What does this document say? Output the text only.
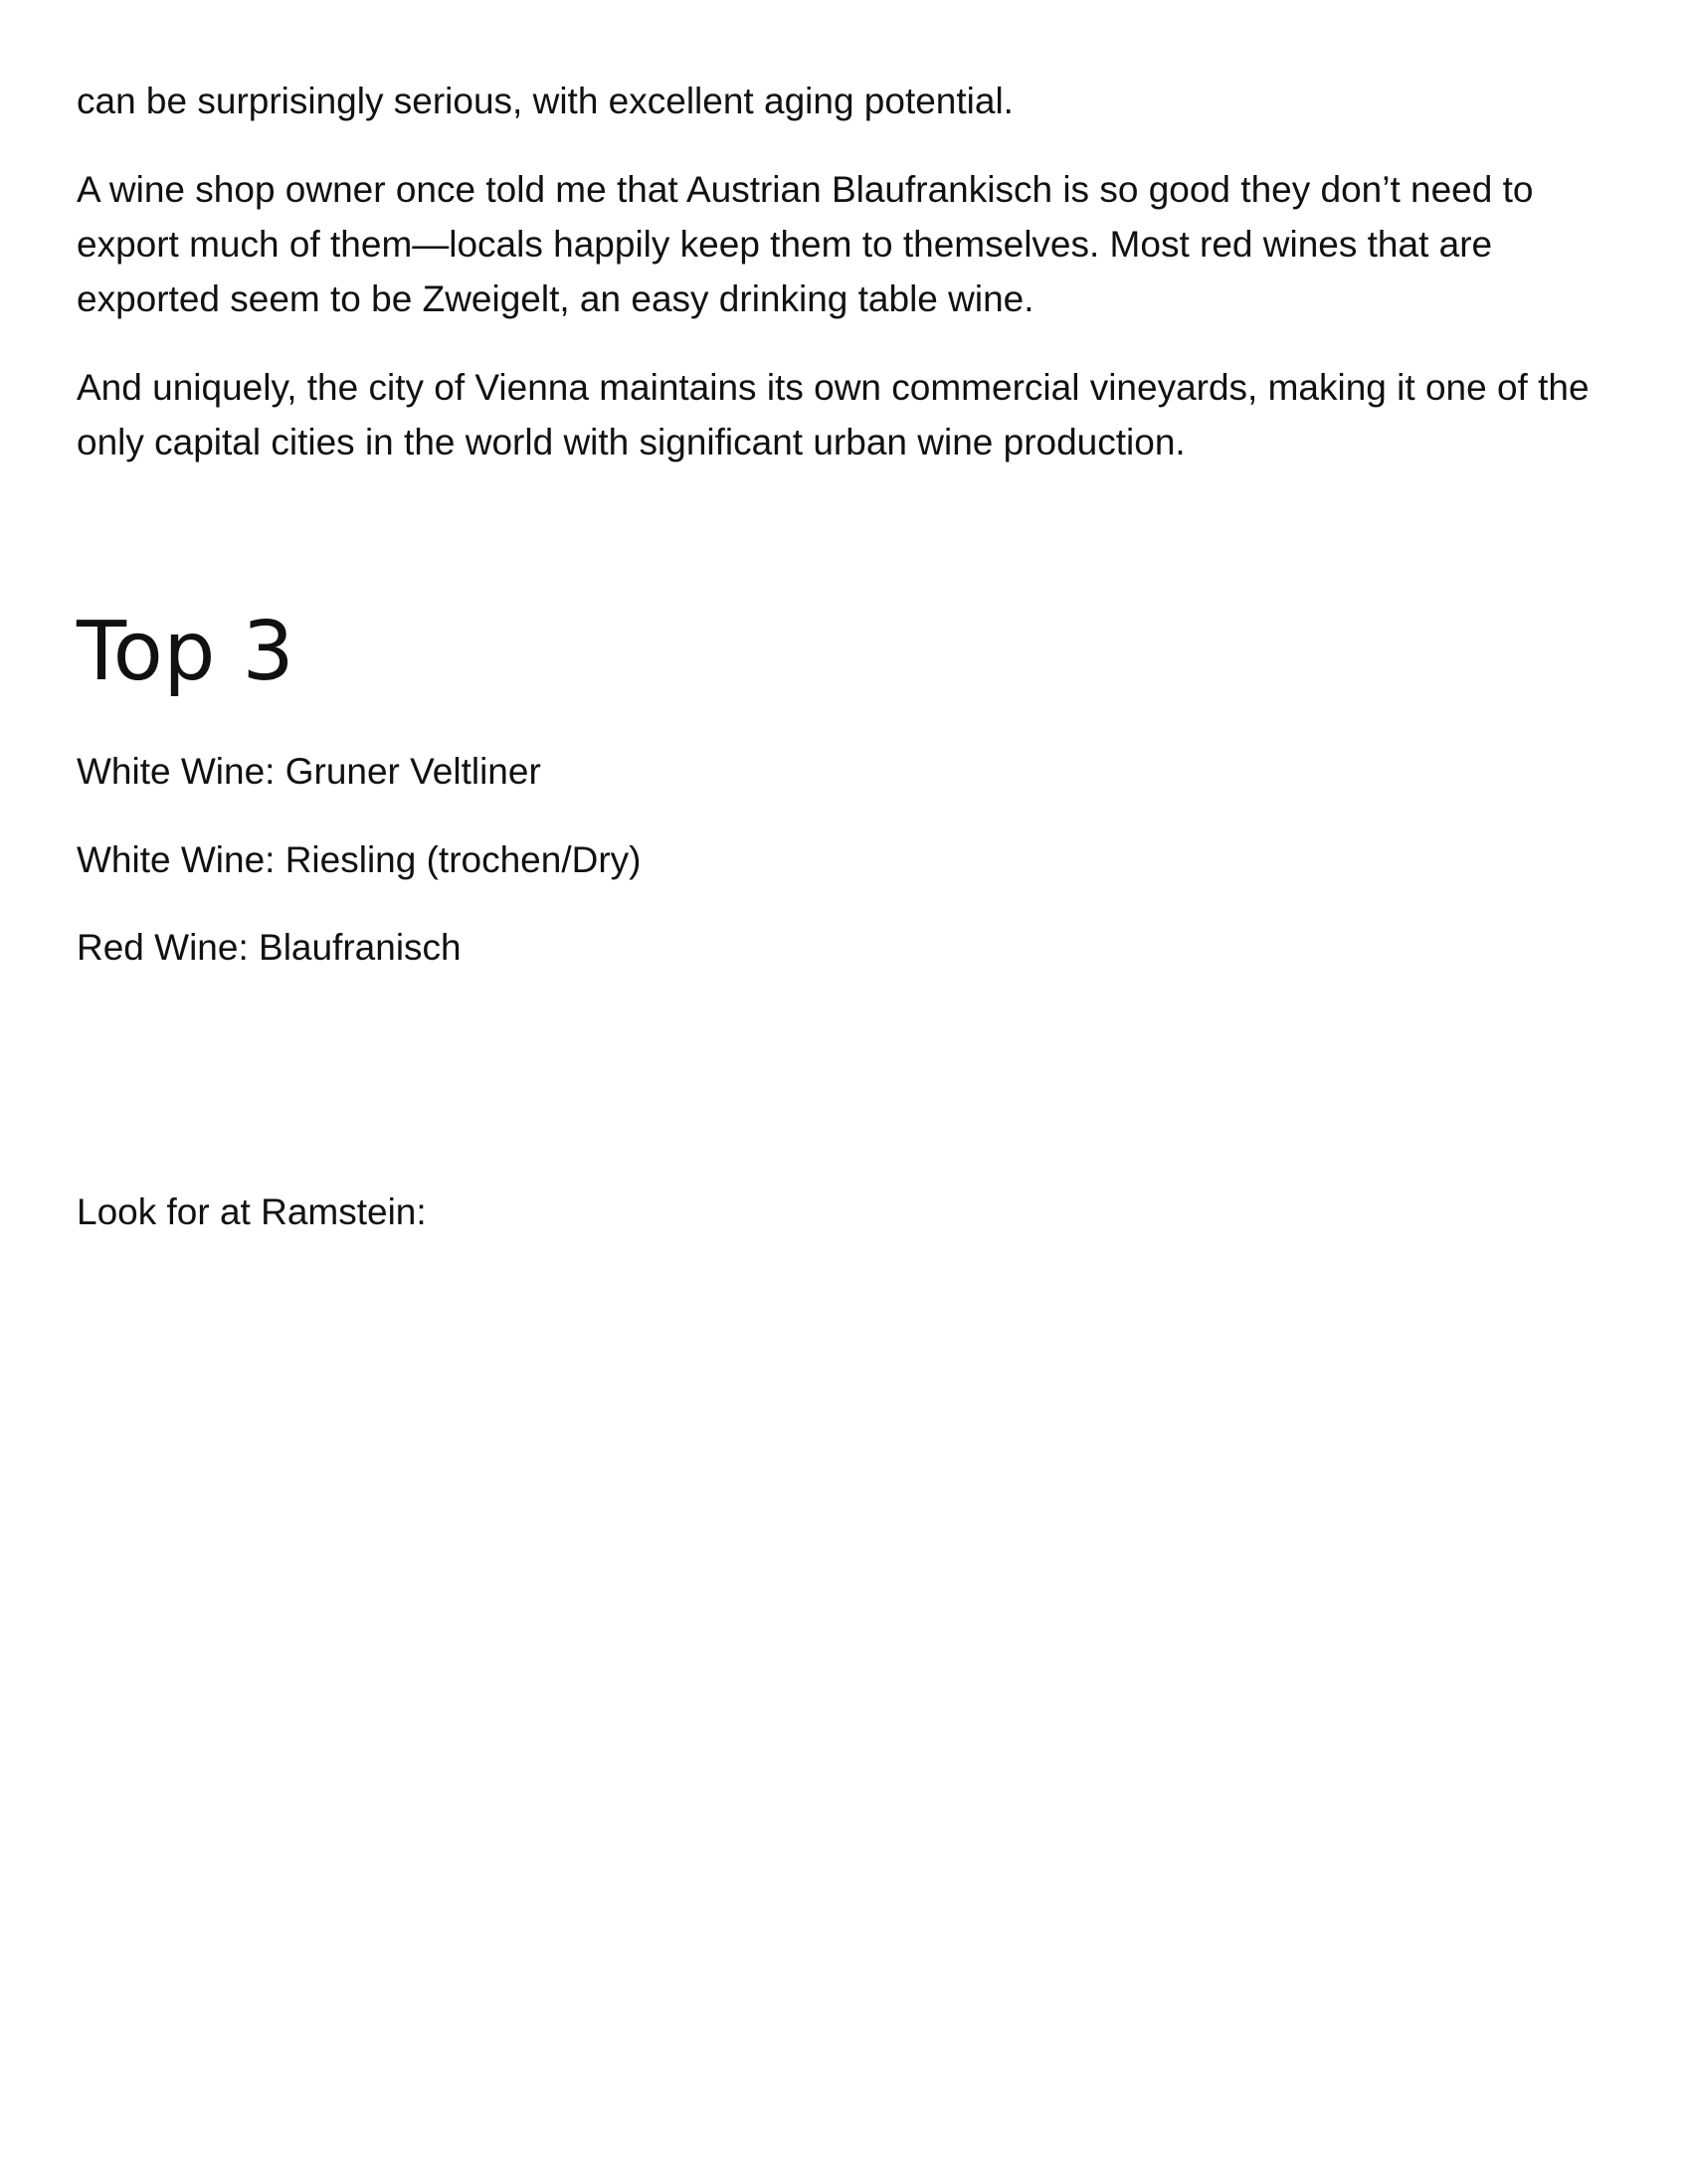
can be surprisingly serious, with excellent aging potential.

A wine shop owner once told me that Austrian Blaufrankisch is so good they don’t need to export much of them—locals happily keep them to themselves. Most red wines that are exported seem to be Zweigelt, an easy drinking table wine.

And uniquely, the city of Vienna maintains its own commercial vineyards, making it one of the only capital cities in the world with significant urban wine production.

Top 3
White Wine: Gruner Veltliner
White Wine: Riesling (trochen/Dry)
Red Wine: Blaufranisch

Look for at Ramstein:
